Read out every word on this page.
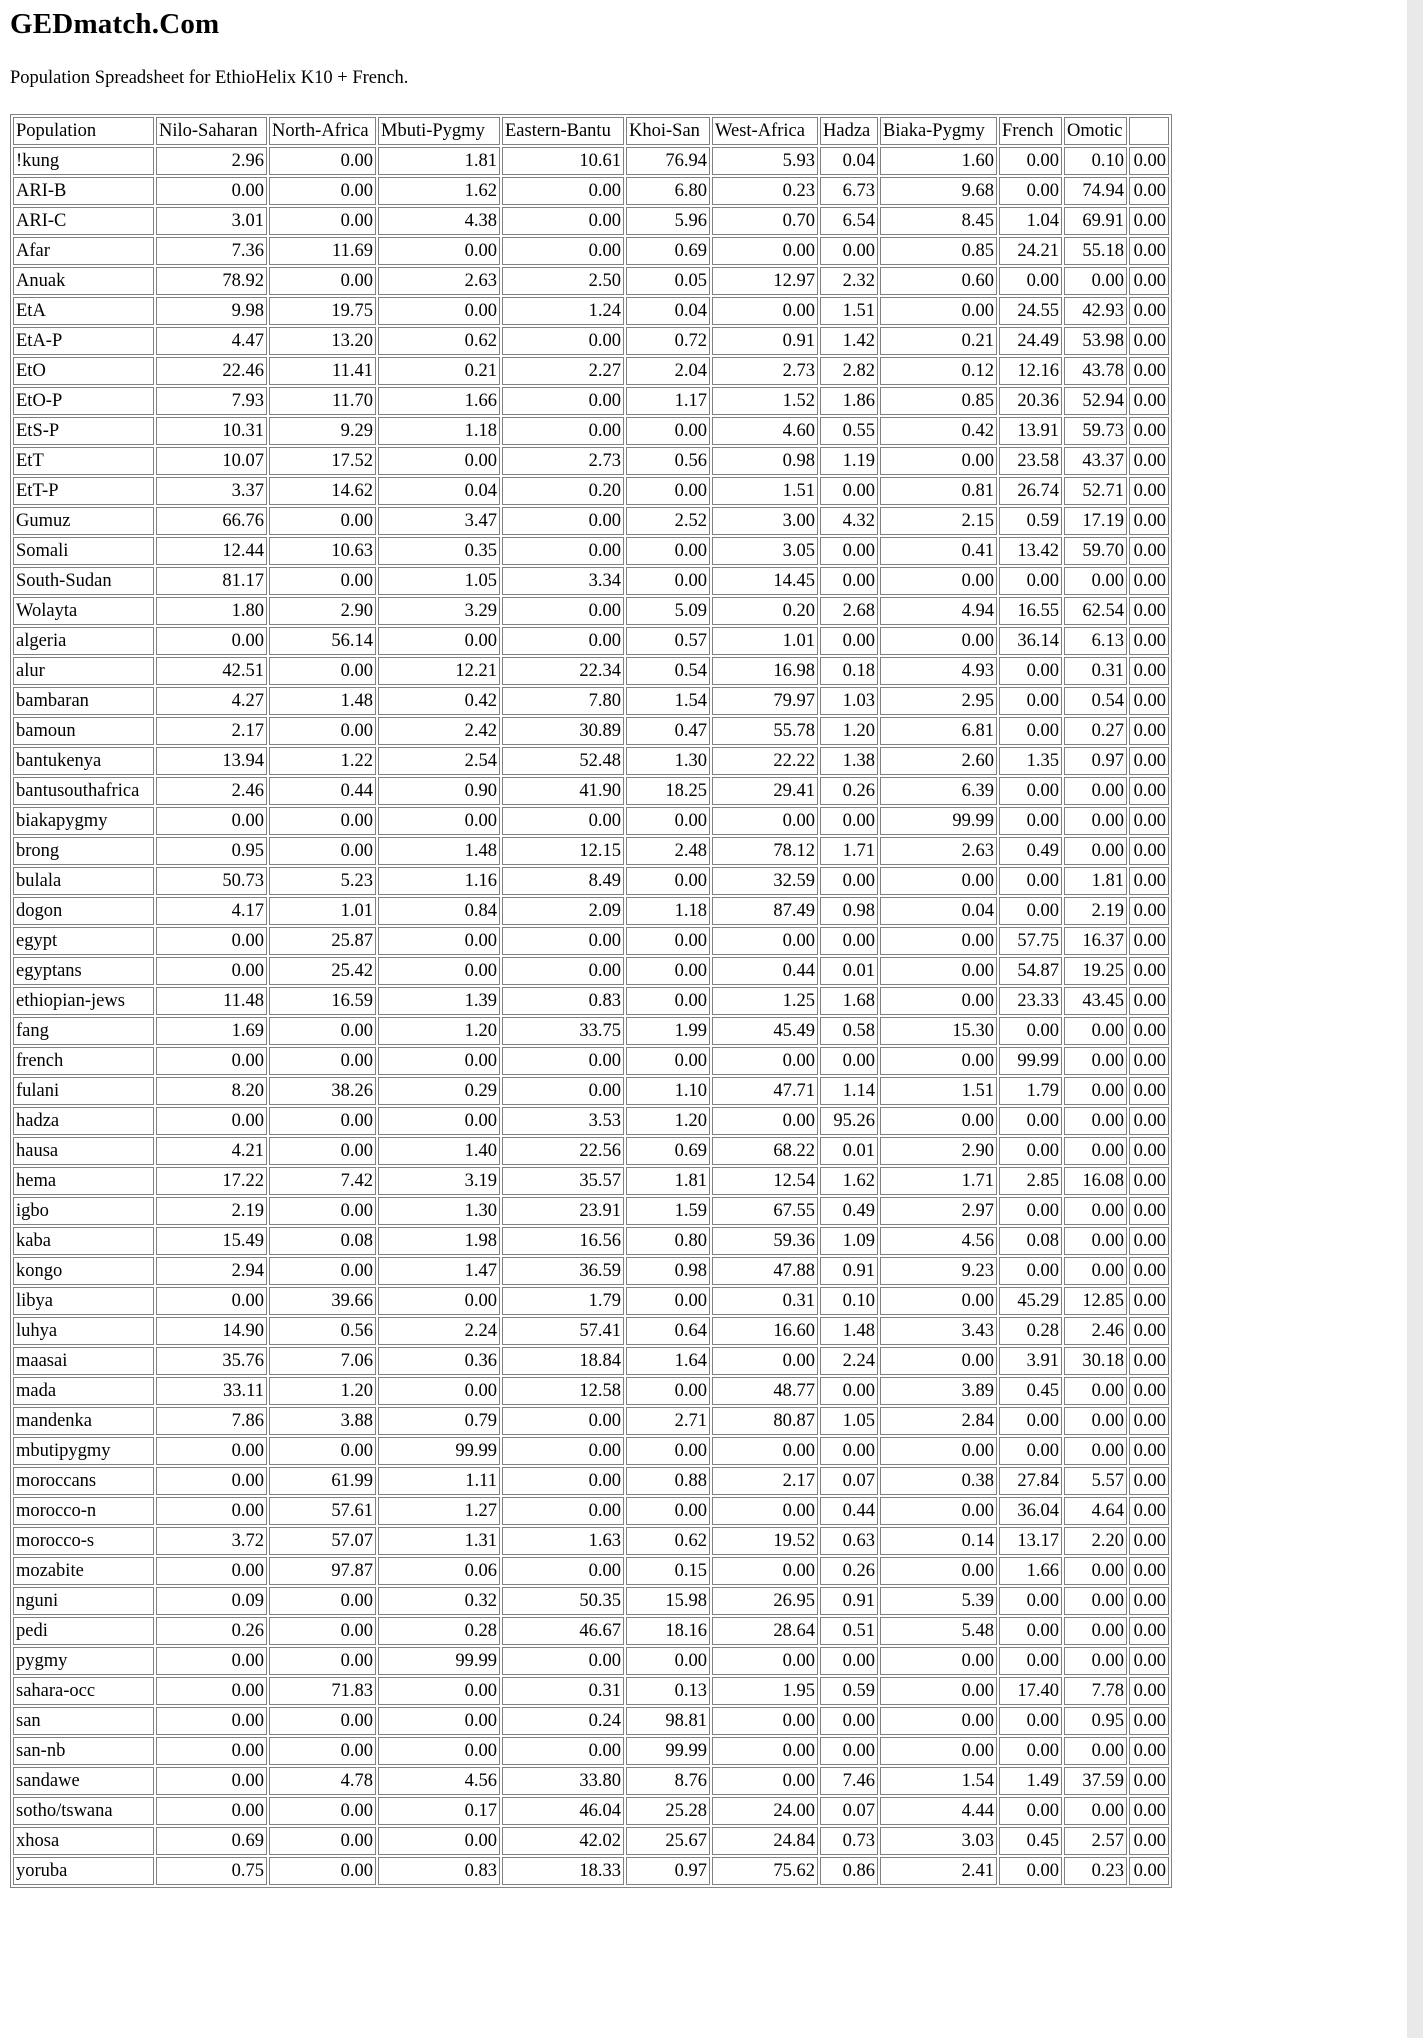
GEDmatch.Com

Population Spreadsheet for EthioHelix K10 + French.

Population	Nilo-Saharan	North-Africa	Mbuti-Pygmy	Eastern-Bantu	Khoi-San	West-Africa	Hadza	Biaka-Pygmy	French	Omotic	
!kung	2.96	0.00	1.81	10.61	76.94	5.93	0.04	1.60	0.00	0.10	0.00
ARI-B	0.00	0.00	1.62	0.00	6.80	0.23	6.73	9.68	0.00	74.94	0.00
ARI-C	3.01	0.00	4.38	0.00	5.96	0.70	6.54	8.45	1.04	69.91	0.00
Afar	7.36	11.69	0.00	0.00	0.69	0.00	0.00	0.85	24.21	55.18	0.00
Anuak	78.92	0.00	2.63	2.50	0.05	12.97	2.32	0.60	0.00	0.00	0.00
EtA	9.98	19.75	0.00	1.24	0.04	0.00	1.51	0.00	24.55	42.93	0.00
EtA-P	4.47	13.20	0.62	0.00	0.72	0.91	1.42	0.21	24.49	53.98	0.00
EtO	22.46	11.41	0.21	2.27	2.04	2.73	2.82	0.12	12.16	43.78	0.00
EtO-P	7.93	11.70	1.66	0.00	1.17	1.52	1.86	0.85	20.36	52.94	0.00
EtS-P	10.31	9.29	1.18	0.00	0.00	4.60	0.55	0.42	13.91	59.73	0.00
EtT	10.07	17.52	0.00	2.73	0.56	0.98	1.19	0.00	23.58	43.37	0.00
EtT-P	3.37	14.62	0.04	0.20	0.00	1.51	0.00	0.81	26.74	52.71	0.00
Gumuz	66.76	0.00	3.47	0.00	2.52	3.00	4.32	2.15	0.59	17.19	0.00
Somali	12.44	10.63	0.35	0.00	0.00	3.05	0.00	0.41	13.42	59.70	0.00
South-Sudan	81.17	0.00	1.05	3.34	0.00	14.45	0.00	0.00	0.00	0.00	0.00
Wolayta	1.80	2.90	3.29	0.00	5.09	0.20	2.68	4.94	16.55	62.54	0.00
algeria	0.00	56.14	0.00	0.00	0.57	1.01	0.00	0.00	36.14	6.13	0.00
alur	42.51	0.00	12.21	22.34	0.54	16.98	0.18	4.93	0.00	0.31	0.00
bambaran	4.27	1.48	0.42	7.80	1.54	79.97	1.03	2.95	0.00	0.54	0.00
bamoun	2.17	0.00	2.42	30.89	0.47	55.78	1.20	6.81	0.00	0.27	0.00
bantukenya	13.94	1.22	2.54	52.48	1.30	22.22	1.38	2.60	1.35	0.97	0.00
bantusouthafrica	2.46	0.44	0.90	41.90	18.25	29.41	0.26	6.39	0.00	0.00	0.00
biakapygmy	0.00	0.00	0.00	0.00	0.00	0.00	0.00	99.99	0.00	0.00	0.00
brong	0.95	0.00	1.48	12.15	2.48	78.12	1.71	2.63	0.49	0.00	0.00
bulala	50.73	5.23	1.16	8.49	0.00	32.59	0.00	0.00	0.00	1.81	0.00
dogon	4.17	1.01	0.84	2.09	1.18	87.49	0.98	0.04	0.00	2.19	0.00
egypt	0.00	25.87	0.00	0.00	0.00	0.00	0.00	0.00	57.75	16.37	0.00
egyptans	0.00	25.42	0.00	0.00	0.00	0.44	0.01	0.00	54.87	19.25	0.00
ethiopian-jews	11.48	16.59	1.39	0.83	0.00	1.25	1.68	0.00	23.33	43.45	0.00
fang	1.69	0.00	1.20	33.75	1.99	45.49	0.58	15.30	0.00	0.00	0.00
french	0.00	0.00	0.00	0.00	0.00	0.00	0.00	0.00	99.99	0.00	0.00
fulani	8.20	38.26	0.29	0.00	1.10	47.71	1.14	1.51	1.79	0.00	0.00
hadza	0.00	0.00	0.00	3.53	1.20	0.00	95.26	0.00	0.00	0.00	0.00
hausa	4.21	0.00	1.40	22.56	0.69	68.22	0.01	2.90	0.00	0.00	0.00
hema	17.22	7.42	3.19	35.57	1.81	12.54	1.62	1.71	2.85	16.08	0.00
igbo	2.19	0.00	1.30	23.91	1.59	67.55	0.49	2.97	0.00	0.00	0.00
kaba	15.49	0.08	1.98	16.56	0.80	59.36	1.09	4.56	0.08	0.00	0.00
kongo	2.94	0.00	1.47	36.59	0.98	47.88	0.91	9.23	0.00	0.00	0.00
libya	0.00	39.66	0.00	1.79	0.00	0.31	0.10	0.00	45.29	12.85	0.00
luhya	14.90	0.56	2.24	57.41	0.64	16.60	1.48	3.43	0.28	2.46	0.00
maasai	35.76	7.06	0.36	18.84	1.64	0.00	2.24	0.00	3.91	30.18	0.00
mada	33.11	1.20	0.00	12.58	0.00	48.77	0.00	3.89	0.45	0.00	0.00
mandenka	7.86	3.88	0.79	0.00	2.71	80.87	1.05	2.84	0.00	0.00	0.00
mbutipygmy	0.00	0.00	99.99	0.00	0.00	0.00	0.00	0.00	0.00	0.00	0.00
moroccans	0.00	61.99	1.11	0.00	0.88	2.17	0.07	0.38	27.84	5.57	0.00
morocco-n	0.00	57.61	1.27	0.00	0.00	0.00	0.44	0.00	36.04	4.64	0.00
morocco-s	3.72	57.07	1.31	1.63	0.62	19.52	0.63	0.14	13.17	2.20	0.00
mozabite	0.00	97.87	0.06	0.00	0.15	0.00	0.26	0.00	1.66	0.00	0.00
nguni	0.09	0.00	0.32	50.35	15.98	26.95	0.91	5.39	0.00	0.00	0.00
pedi	0.26	0.00	0.28	46.67	18.16	28.64	0.51	5.48	0.00	0.00	0.00
pygmy	0.00	0.00	99.99	0.00	0.00	0.00	0.00	0.00	0.00	0.00	0.00
sahara-occ	0.00	71.83	0.00	0.31	0.13	1.95	0.59	0.00	17.40	7.78	0.00
san	0.00	0.00	0.00	0.24	98.81	0.00	0.00	0.00	0.00	0.95	0.00
san-nb	0.00	0.00	0.00	0.00	99.99	0.00	0.00	0.00	0.00	0.00	0.00
sandawe	0.00	4.78	4.56	33.80	8.76	0.00	7.46	1.54	1.49	37.59	0.00
sotho/tswana	0.00	0.00	0.17	46.04	25.28	24.00	0.07	4.44	0.00	0.00	0.00
xhosa	0.69	0.00	0.00	42.02	25.67	24.84	0.73	3.03	0.45	2.57	0.00
yoruba	0.75	0.00	0.83	18.33	0.97	75.62	0.86	2.41	0.00	0.23	0.00
